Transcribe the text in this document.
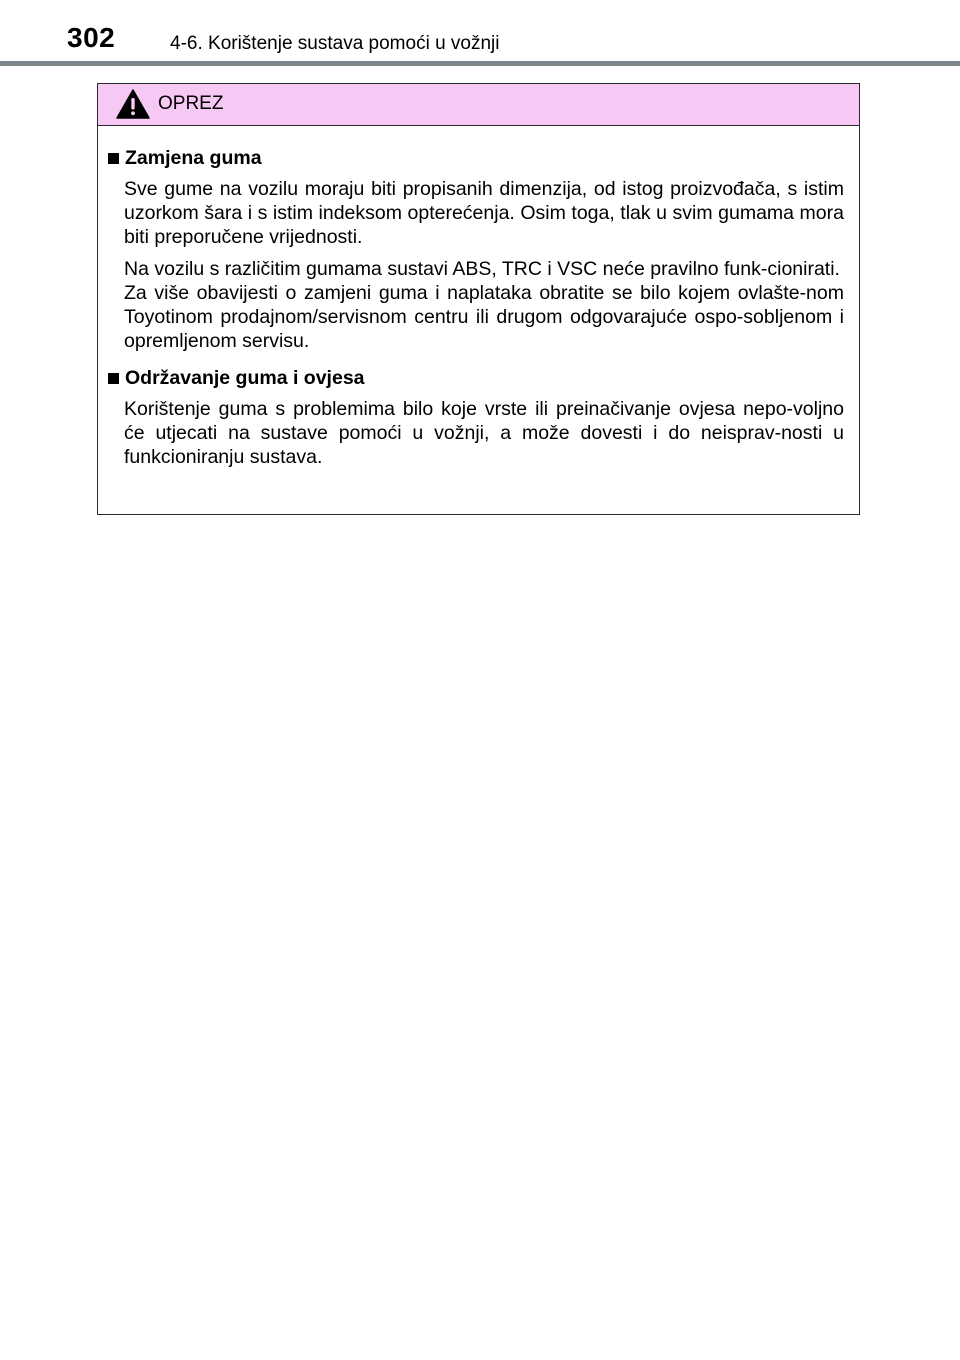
302	4-6. Korištenje sustava pomoći u vožnji
OPREZ
Zamjena guma

Sve gume na vozilu moraju biti propisanih dimenzija, od istog proizvođača, s istim uzorkom šara i s istim indeksom opterećenja. Osim toga, tlak u svim gumama mora biti preporučene vrijednosti.

Na vozilu s različitim gumama sustavi ABS, TRC i VSC neće pravilno funk-cionirati.

Za više obavijesti o zamjeni guma i naplataka obratite se bilo kojem ovlašte-nom Toyotinom prodajnom/servisnom centru ili drugom odgovarajuće ospo-sobljenom i opremljenom servisu.

Održavanje guma i ovjesa

Korištenje guma s problemima bilo koje vrste ili preinačivanje ovjesa nepo-voljno će utjecati na sustave pomoći u vožnji, a može dovesti i do neisprav-nosti u funkcioniranju sustava.
